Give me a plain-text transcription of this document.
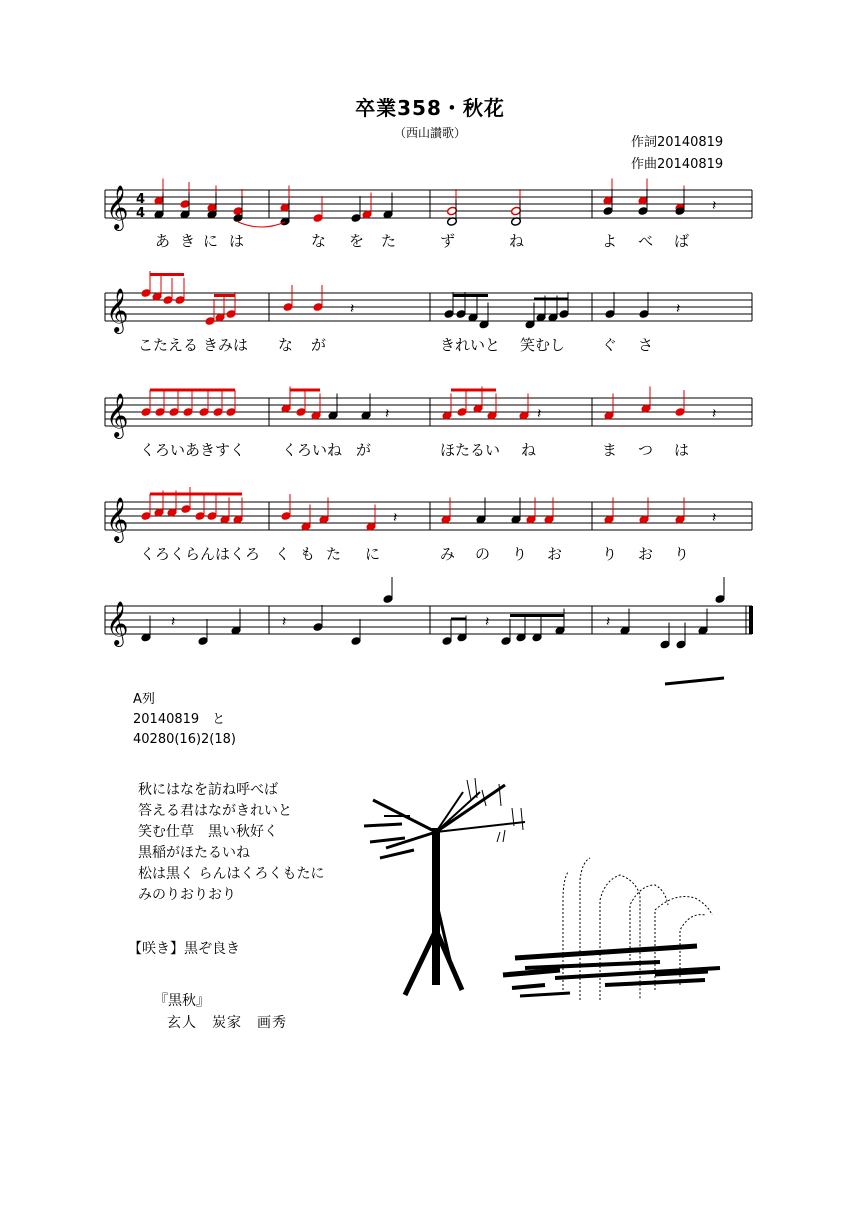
卒業358・秋花
（西山讃歌）
作詞20140819
作曲20140819
𝄞 4
4
𝄞
𝄞
𝄞
𝄞
𝄽
𝄽	𝄽
𝄽	𝄽	𝄽
𝄽	𝄽
𝄽	𝄽	𝄽	𝄽
あ き に は	な を た	ず	ね	よ べ ば
こたえる きみは な が	きれいと 笑むし ぐ さ
くろいあきすく くろいね が	ほたるい ね	ま つ は
くろくらんはくろ く も た に	み の り お	り お り
A列
20140819　と
40280(16)2(18)
秋にはなを訪ね呼べば
答える君はながきれいと
笑む仕草　黒い秋好く
黒稲がほたるいね
松は黒く らんはくろくもたに
みのりおりおり
【咲き】黒ぞ良き
『黒秋』
玄人　炭家　画秀
